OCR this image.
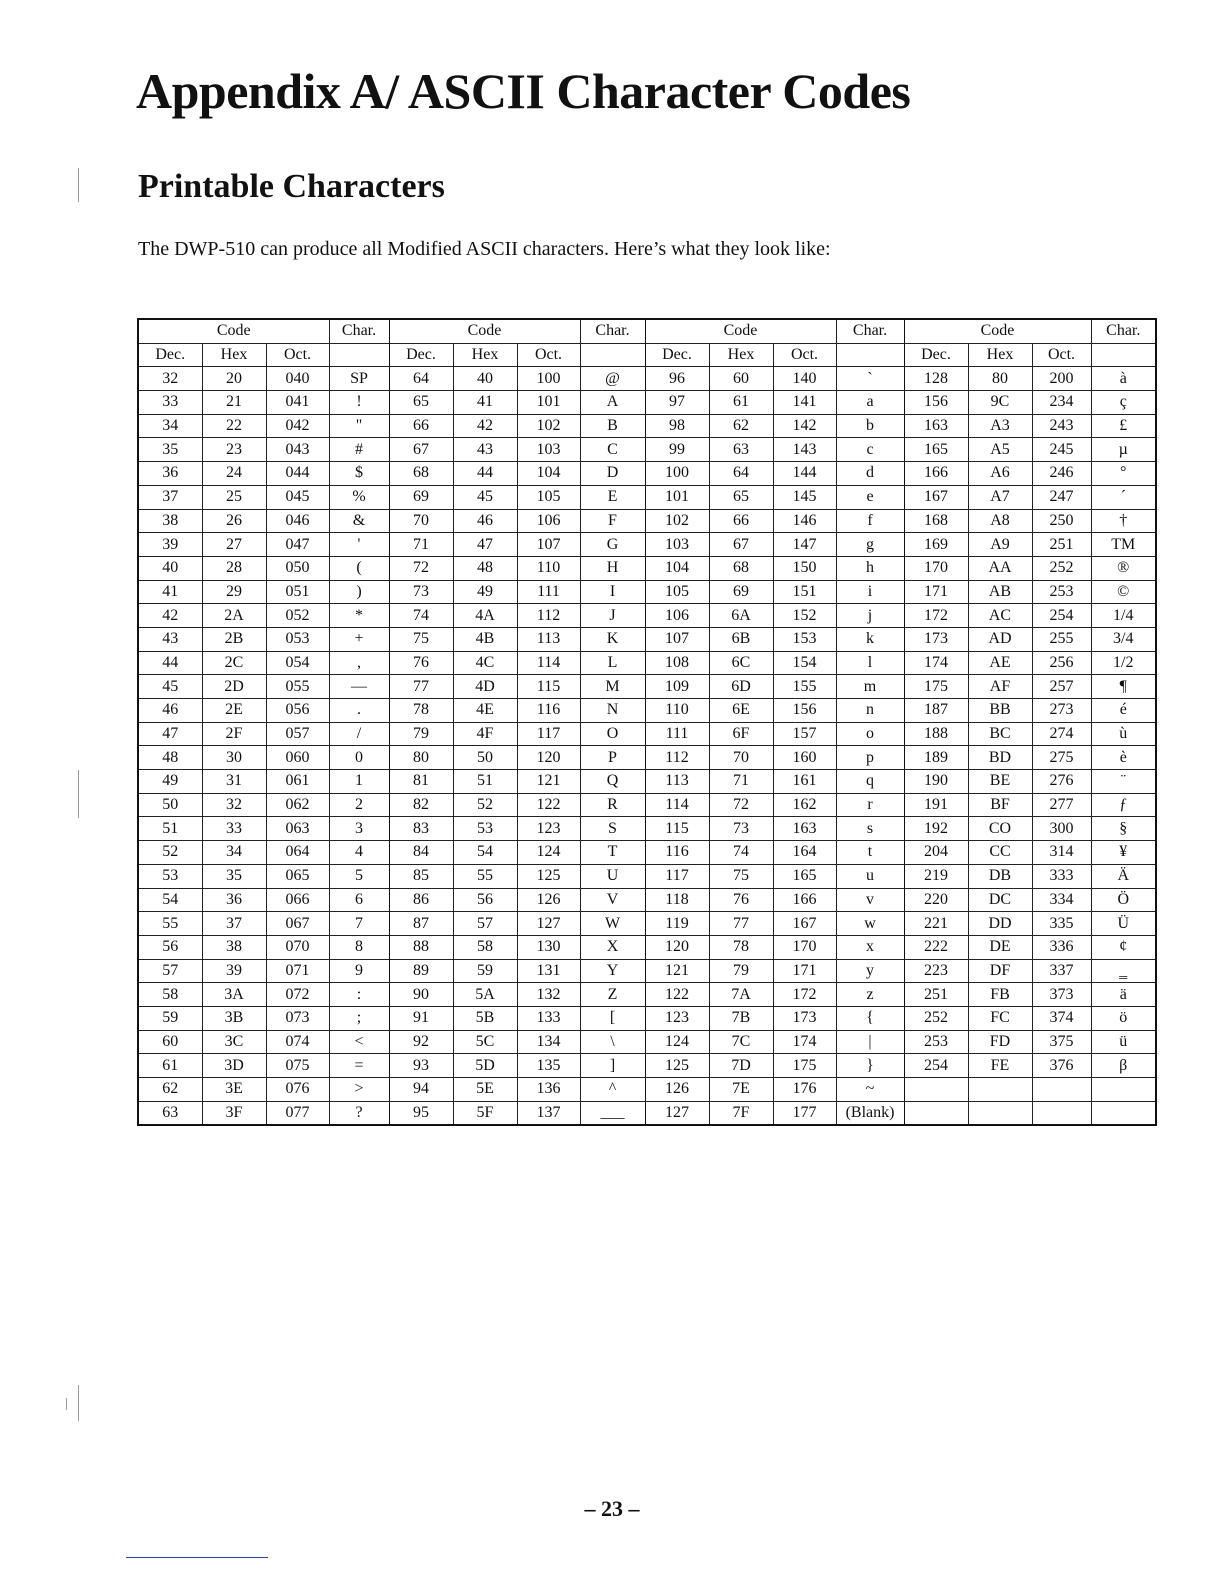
Appendix A/ ASCII Character Codes
Printable Characters

The DWP-510 can produce all Modified ASCII characters. Here’s what they look like:

Code			Char.	Code			Char.	Code			Char.	Code			Char.
Dec.	Hex	Oct.		Dec.	Hex	Oct.		Dec.	Hex	Oct.		Dec.	Hex	Oct.	
32	20	040	SP	64	40	100	@	96	60	140	`	128	80	200	à
33	21	041	!	65	41	101	A	97	61	141	a	156	9C	234	ç
34	22	042	"	66	42	102	B	98	62	142	b	163	A3	243	£
35	23	043	#	67	43	103	C	99	63	143	c	165	A5	245	µ
36	24	044	$	68	44	104	D	100	64	144	d	166	A6	246	°
37	25	045	%	69	45	105	E	101	65	145	e	167	A7	247	´
38	26	046	&	70	46	106	F	102	66	146	f	168	A8	250	†
39	27	047	'	71	47	107	G	103	67	147	g	169	A9	251	TM
40	28	050	(	72	48	110	H	104	68	150	h	170	AA	252	®
41	29	051	)	73	49	111	I	105	69	151	i	171	AB	253	©
42	2A	052	*	74	4A	112	J	106	6A	152	j	172	AC	254	1/4
43	2B	053	+	75	4B	113	K	107	6B	153	k	173	AD	255	3/4
44	2C	054	,	76	4C	114	L	108	6C	154	l	174	AE	256	1/2
45	2D	055	—	77	4D	115	M	109	6D	155	m	175	AF	257	¶
46	2E	056	.	78	4E	116	N	110	6E	156	n	187	BB	273	é
47	2F	057	/	79	4F	117	O	111	6F	157	o	188	BC	274	ù
48	30	060	0	80	50	120	P	112	70	160	p	189	BD	275	è
49	31	061	1	81	51	121	Q	113	71	161	q	190	BE	276	¨
50	32	062	2	82	52	122	R	114	72	162	r	191	BF	277	ƒ
51	33	063	3	83	53	123	S	115	73	163	s	192	CO	300	§
52	34	064	4	84	54	124	T	116	74	164	t	204	CC	314	¥
53	35	065	5	85	55	125	U	117	75	165	u	219	DB	333	Ä
54	36	066	6	86	56	126	V	118	76	166	v	220	DC	334	Ö
55	37	067	7	87	57	127	W	119	77	167	w	221	DD	335	Ü
56	38	070	8	88	58	130	X	120	78	170	x	222	DE	336	¢
57	39	071	9	89	59	131	Y	121	79	171	y	223	DF	337	‗
58	3A	072	:	90	5A	132	Z	122	7A	172	z	251	FB	373	ä
59	3B	073	;	91	5B	133	[	123	7B	173	{	252	FC	374	ö
60	3C	074	<	92	5C	134	\	124	7C	174	|	253	FD	375	ü
61	3D	075	=	93	5D	135	]	125	7D	175	}	254	FE	376	β
62	3E	076	>	94	5E	136	^	126	7E	176	~				
63	3F	077	?	95	5F	137	___	127	7F	177	(Blank)				
– 23 –
